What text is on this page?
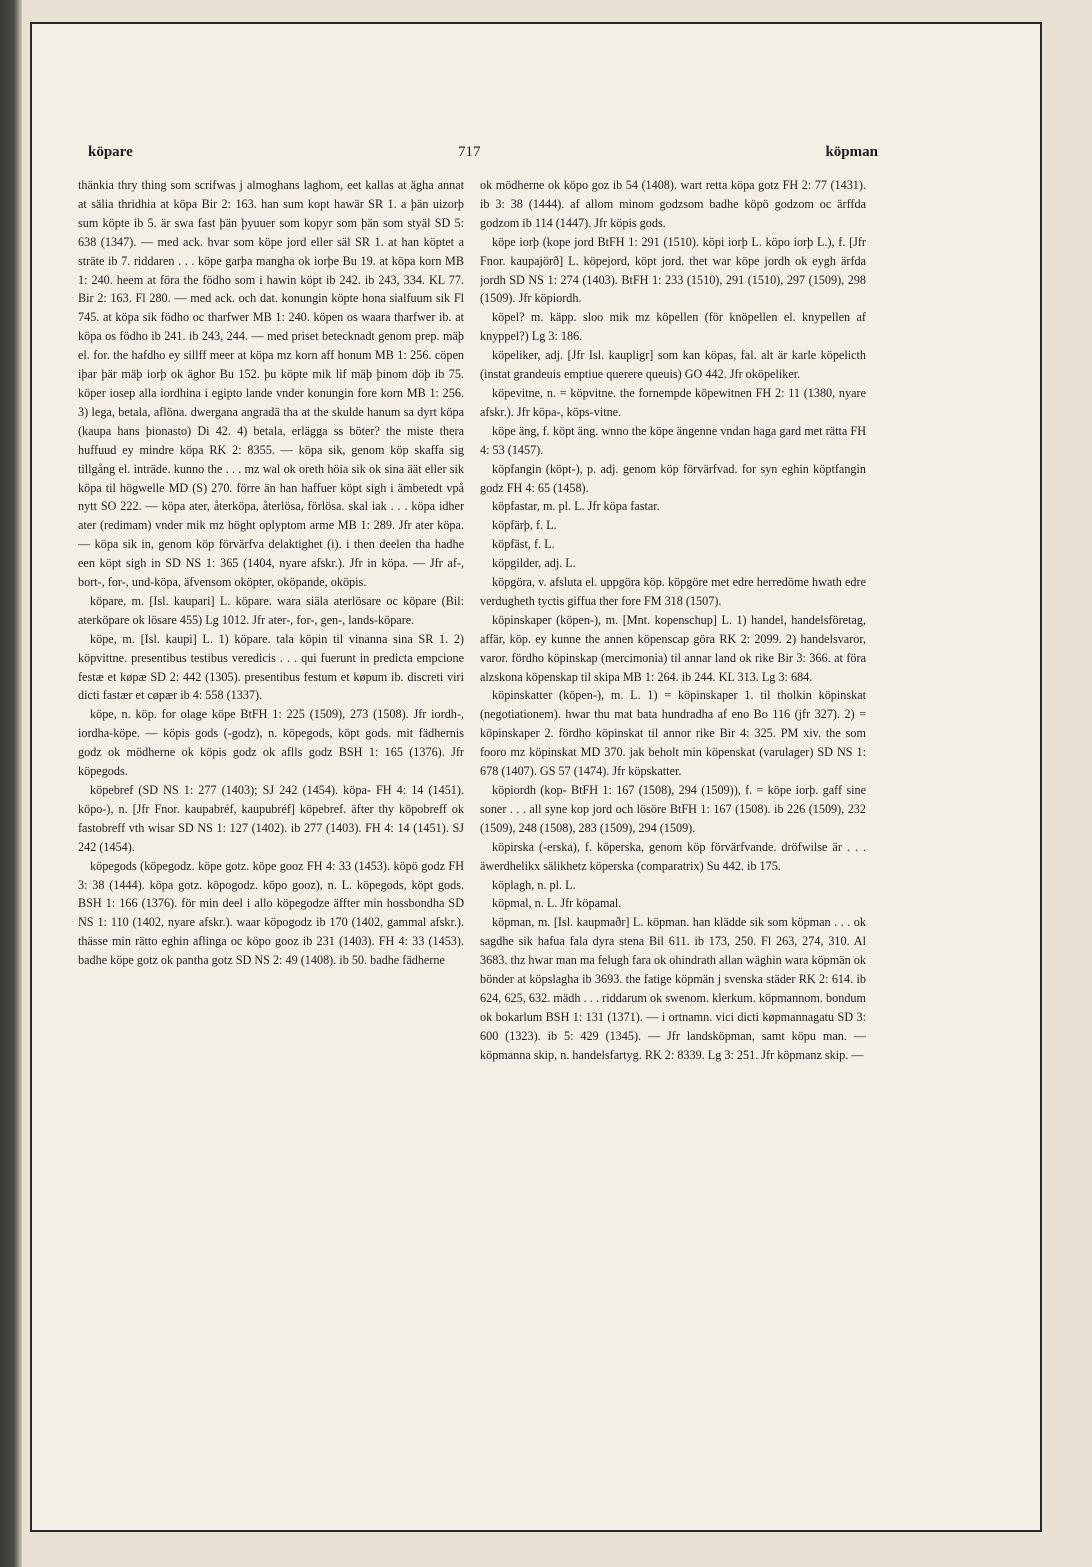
köpare	717	köpman

thänkia thry thing som scrifwas j almoghans laghom, eet kallas at ägha annat at sälia thridhia at köpa Bir 2: 163. han sum kopt hawär SR 1. a þän uizorþ sum köpte ib 5. är swa fast þän þyuuer som kopyr som þän som styäl SD 5: 638 (1347). — med ack. hvar som köpe jord eller säl SR 1. at han köptet a sträte ib 7. riddaren . . . köpe garþa mangha ok iorþe Bu 19. at köpa korn MB 1: 240. heem at föra the födho som i hawin köpt ib 242. ib 243, 334. KL 77. Bir 2: 163. Fl 280. — med ack. och dat. konungin köpte hona sialfuum sik Fl 745. at köpa sik födho oc tharfwer MB 1: 240. köpen os waara tharfwer ib. at köpa os födho ib 241. ib 243, 244. — med priset betecknadt genom prep. mäþ el. for. the hafdho ey sillff meer at köpa mz korn aff honum MB 1: 256. cöpen iþar þär mäþ iorþ ok äghor Bu 152. þu köpte mik lif mäþ þinom döþ ib 75. köper iosep alla iordhina i egipto lande vnder konungin fore korn MB 1: 256. 3) lega, betala, aflöna. dwergana angradä tha at the skulde hanum sa dyrt köpa (kaupa hans þionasto) Di 42. 4) betala, erlägga ss böter? the miste thera huffuud ey mindre köpa RK 2: 8355. — köpa sik, genom köp skaffa sig tillgång el. inträde. kunno the . . . mz wal ok oreth höia sik ok sina äät eller sik köpa til högwelle MD (S) 270. förre än han haffuer köpt sigh i ämbetedt vpå nytt SO 222. — köpa ater, återköpa, återlösa, förlösa. skal iak . . . köpa idher ater (redimam) vnder mik mz höght oplyptom arme MB 1: 289. Jfr ater köpa. — köpa sik in, genom köp förvärfva delaktighet (i). i then deelen tha hadhe een köpt sigh in SD NS 1: 365 (1404, nyare afskr.). Jfr in köpa. — Jfr af-, bort-, for-, und-köpa, äfvensom oköpter, oköpande, oköpis.

köpare, m. [Isl. kaupari] L. köpare. wara siäla aterlösare oc köpare (Bil: aterköpare ok lösare 455) Lg 1012. Jfr ater-, for-, gen-, lands-köpare.

köpe, m. [Isl. kaupi] L. 1) köpare. tala köpin til vinanna sina SR 1. 2) köpvittne. presentibus testibus veredicis . . . qui fuerunt in predicta empcione festæ et køpæ SD 2: 442 (1305). presentibus festum et køpum ib. discreti viri dicti fastær et cøpær ib 4: 558 (1337).

köpe, n. köp. for olage köpe BtFH 1: 225 (1509), 273 (1508). Jfr iordh-, iordha-köpe. — köpis gods (-godz), n. köpegods, köpt gods. mit fädhernis godz ok mödherne ok köpis godz ok aflls godz BSH 1: 165 (1376). Jfr köpegods.

köpebref (SD NS 1: 277 (1403); SJ 242 (1454). köpa- FH 4: 14 (1451). köpo-), n. [Jfr Fnor. kaupabréf, kaupubréf] köpebref. äfter thy köpobreff ok fastobreff vth wisar SD NS 1: 127 (1402). ib 277 (1403). FH 4: 14 (1451). SJ 242 (1454).

köpegods (köpegodz. köpe gotz. köpe gooz FH 4: 33 (1453). köpö godz FH 3: 38 (1444). köpa gotz. köpogodz. köpo gooz), n. L. köpegods, köpt gods. BSH 1: 166 (1376). för min deel i allo köpegodze äffter min hossbondha SD NS 1: 110 (1402, nyare afskr.). waar köpogodz ib 170 (1402, gammal afskr.). thässe min rätto eghin aflinga oc köpo gooz ib 231 (1403). FH 4: 33 (1453). badhe köpe gotz ok pantha gotz SD NS 2: 49 (1408). ib 50. badhe fädherne

ok mödherne ok köpo goz ib 54 (1408). wart retta köpa gotz FH 2: 77 (1431). ib 3: 38 (1444). af allom minom godzsom badhe köpö godzom oc ärffda godzom ib 114 (1447). Jfr köpis gods.

köpe iorþ (kope jord BtFH 1: 291 (1510). köpi iorþ L. köpo iorþ L.), f. [Jfr Fnor. kaupajörð] L. köpejord, köpt jord. thet war köpe jordh ok eygh ärfda jordh SD NS 1: 274 (1403). BtFH 1: 233 (1510), 291 (1510), 297 (1509), 298 (1509). Jfr köpiordh.

köpel? m. käpp. sloo mik mz köpellen (för knöpellen el. knypellen af knyppel?) Lg 3: 186.

köpeliker, adj. [Jfr Isl. kaupligr] som kan köpas, fal. alt är karle köpelicth (instat grandeuis emptiue querere queuis) GO 442. Jfr oköpeliker.

köpevitne, n. = köpvitne. the fornempde köpewitnen FH 2: 11 (1380, nyare afskr.). Jfr köpa-, köps-vitne.

köpe äng, f. köpt äng. wnno the köpe ängenne vndan haga gard met rätta FH 4: 53 (1457).

köpfangin (köpt-), p. adj. genom köp förvärfvad. for syn eghin köptfangin godz FH 4: 65 (1458).

köpfastar, m. pl. L. Jfr köpa fastar.

köpfärþ, f. L.

köpfäst, f. L.

köpgilder, adj. L.

köpgöra, v. afsluta el. uppgöra köp. köpgöre met edre herredöme hwath edre verdugheth tyctis giffua ther fore FM 318 (1507).

köpinskaper (köpen-), m. [Mnt. kopenschup] L. 1) handel, handelsföretag, affär, köp. ey kunne the annen köpenscap göra RK 2: 2099. 2) handelsvaror, varor. fördho köpinskap (mercimonia) til annar land ok rike Bir 3: 366. at föra alzskona köpenskap til skipa MB 1: 264. ib 244. KL 313. Lg 3: 684.

köpinskatter (köpen-), m. L. 1) = köpinskaper 1. til tholkin köpinskat (negotiationem). hwar thu mat bata hundradha af eno Bo 116 (jfr 327). 2) = köpinskaper 2. fördho köpinskat til annor rike Bir 4: 325. PM xiv. the som fooro mz köpinskat MD 370. jak beholt min köpenskat (varulager) SD NS 1: 678 (1407). GS 57 (1474). Jfr köpskatter.

köpiordh (kop- BtFH 1: 167 (1508), 294 (1509)), f. = köpe iorþ. gaff sine soner . . . all syne kop jord och lösöre BtFH 1: 167 (1508). ib 226 (1509), 232 (1509), 248 (1508), 283 (1509), 294 (1509).

köpirska (-erska), f. köperska, genom köp förvärfvande. dröfwilse är . . . äwerdhelikx sälikhetz köperska (comparatrix) Su 442. ib 175.

köplagh, n. pl. L.

köpmal, n. L. Jfr köpamal.

köpman, m. [Isl. kaupmaðr] L. köpman. han klädde sik som köpman . . . ok sagdhe sik hafua fala dyra stena Bil 611. ib 173, 250. Fl 263, 274, 310. Al 3683. thz hwar man ma felugh fara ok ohindrath allan wäghin wara köpmän ok bönder at köpslagha ib 3693. the fatige köpmän j svenska städer RK 2: 614. ib 624, 625, 632. mädh . . . riddarum ok swenom. klerkum. köpmannom. bondum ok bokarlum BSH 1: 131 (1371). — i ortnamn. vici dicti køpmannagatu SD 3: 600 (1323). ib 5: 429 (1345). — Jfr landsköpman, samt köpu man. — köpmanna skip, n. handelsfartyg. RK 2: 8339. Lg 3: 251. Jfr köpmanz skip. —
